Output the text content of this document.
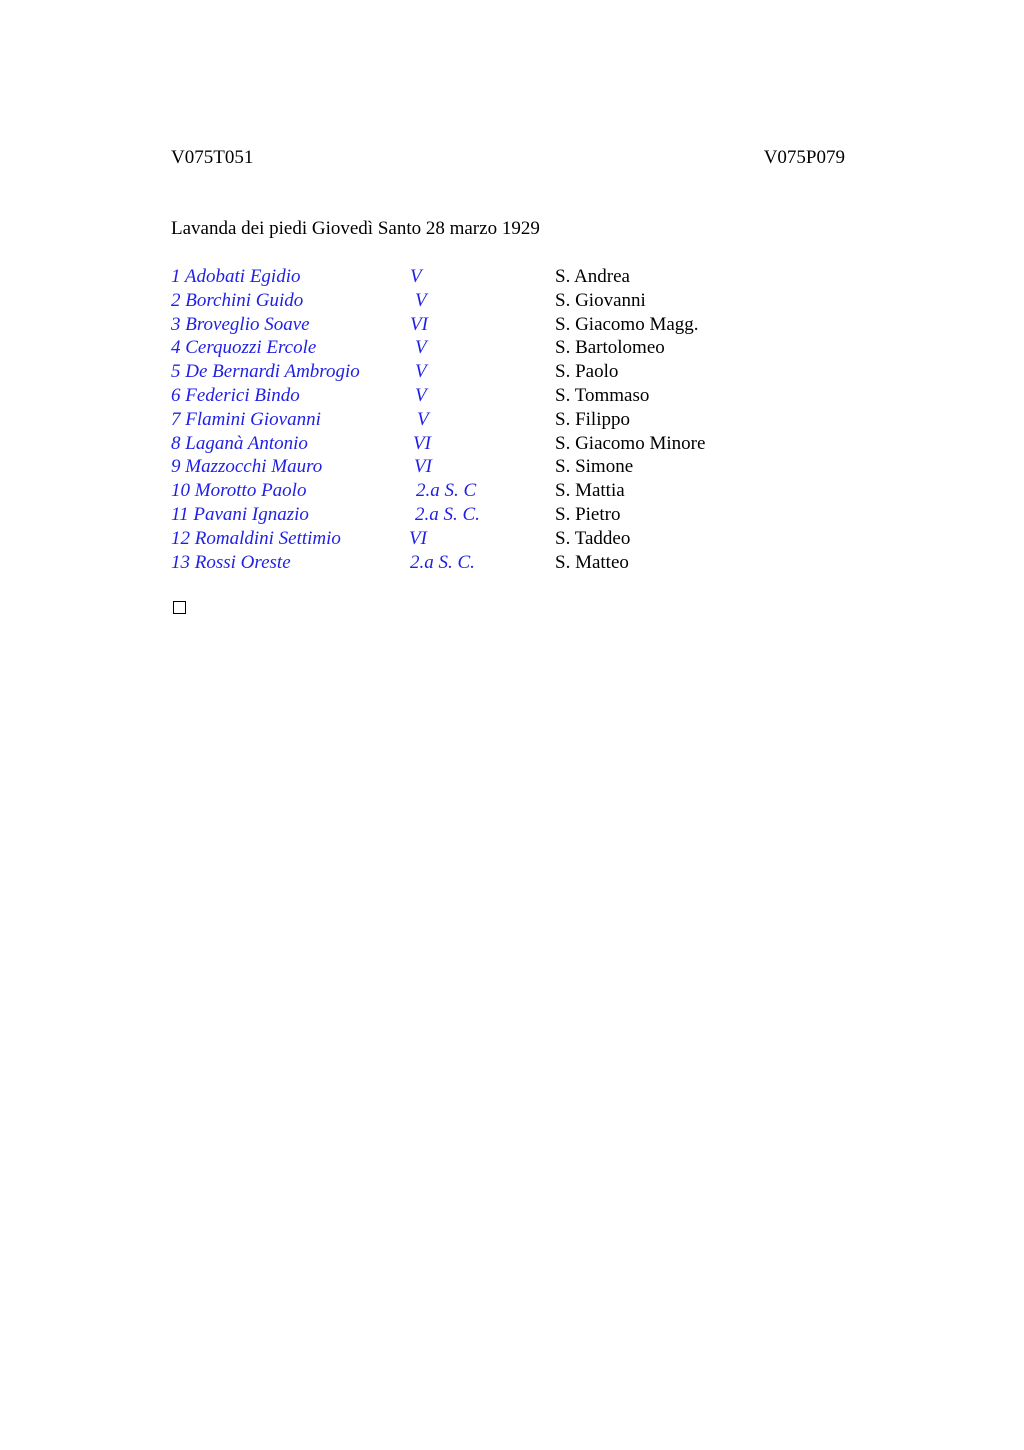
V075T051	V075P079
Lavanda dei piedi Giovedì Santo 28 marzo 1929
1 Adobati Egidio	V	S. Andrea
2 Borchini Guido	V	S. Giovanni
3 Broveglio Soave	VI	S. Giacomo Magg.
4 Cerquozzi Ercole	V	S. Bartolomeo
5 De Bernardi Ambrogio	V	S. Paolo
6 Federici Bindo	V	S. Tommaso
7 Flamini Giovanni	V	S. Filippo
8 Laganà Antonio	VI	S. Giacomo Minore
9 Mazzocchi Mauro	VI	S. Simone
10 Morotto Paolo	2.a S. C	S. Mattia
11 Pavani Ignazio	2.a S. C.	S. Pietro
12 Romaldini Settimio	VI	S. Taddeo
13 Rossi Oreste	2.a S. C.	S. Matteo
